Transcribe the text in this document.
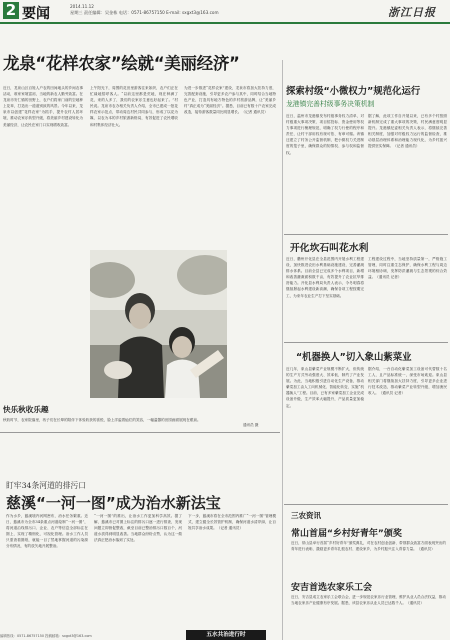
2 要闻	2014.11.12
星期三 责任编辑：吴金栋 电话：0571-86757150 E-mail: sxgxt3@163.com	浙江日报
龙泉“花样农家”绘就“美丽经济”
近日，龙泉山区百姓人户农的田间地头的乡间农事活动，谁家家境富裕，当地的新农人勤劳致富。在龙泉市安仁镇的田野上，农户们将家门前的空地种上花草，打造出一道道别致的风景。今年以来，龙泉市以创建“花样农家”为抓手，提升农村人居环境，推动农家乐转型升级，将美丽乡村建设转化为美丽经济，让农民在家门口实现增收致富。
上午阳光下，周围的花田里游客往来如织，农户们正在忙碌地招呼客人。“以前这里都是荒地，现在种满了花，来的人多了，我们的农家乐生意也好起来了。”村民说。龙泉市农办相关负责人介绍，全市已建成一批花样农家示范点，带动周边村民共同参与，形成了以花为媒、以农为本的乡村旅游新格局，有效促进了农民增收和村集体经济壮大。
为进一步推进“花样农家”建设，龙泉市将加大扶持力度，完善配套设施，引导更多农户参与其中，同时结合当地特色产业，打造具有地方特色的乡村旅游品牌，让“美丽乡村”真正成为“美丽经济”。据悉，目前已有数十户农家完成改造，接待游客数量同比明显增长。（记者 通讯员）
快乐秋收乐趣
秋收时节，农家院落里，孩子们在长辈的陪伴下体验收获的喜悦，脸上洋溢着灿烂的笑容，一幅温馨的田园画面展现在眼前。
通讯员 摄
探索村级“小微权力”规范化运行
龙港镇完善村级事务决策机制
近日，温州市龙港镇发布村级事务权力清单，对村级重大事项决策、项目招投标、资金使用等权力事项进行梳理规范，明确了权力行使的程序和责任，让村干部用权有规可依、有章可循。该镇还建立了村务公开监督机制，把小微权力关进制度的笼子里，确保群众的知情权、参与权和监督权。
据了解，此项工作自开展以来，已有多个村按照新机制完成了重大事项的决策，村民满意度明显提升。龙港镇纪委相关负责人表示，将继续完善相关制度，加强对村级权力运行的监督检查，推动基层治理体系和治理能力现代化，为乡村振兴提供坚实保障。（记者 通讯员）
开化坎石叫花水利
近日，衢州开化县在全县范围内开展水利工程建设，加快推进农田水利基础设施建设，完善灌溉排水体系。目前全县已完成多个水利项目，新增和改善灌溉面积数千亩，有效提升了农业抗旱排涝能力。开化县水利局负责人表示，今冬明春将继续掀起水利建设新高潮，确保各项工程按期完工，为来年农业生产打下坚实基础。
工程建设过程中，当地坚持质量第一，严格施工管理，同时注重生态保护，确保水利工程与周边环境相协调，发挥防洪灌溉与生态景观的综合效益。（通讯员 记者）
“机器换人”切入象山紫菜业
近几年，象山县紫菜产业规模不断扩大，但传统的生产方式劳动强度大、效率低，制约了产业发展。为此，当地积极引进自动化生产设备，推动紫菜加工由人工向机械化、智能化转变，实施“机器换人”工程。目前，已有多家紫菜加工企业完成设备升级，生产效率大幅提升，产品质量更加稳定。
据介绍，一台自动化紫菜加工设备可代替数十名工人，且产品标准统一，深受市场欢迎。象山县相关部门将继续加大扶持力度，引导更多企业进行技术改造，推动紫菜产业转型升级，增加渔民收入。（通讯员 记者）
三农资讯
常山首届“乡村好青年”颁奖
近日，常山县举行首届“乡村好青年”颁奖典礼，对在农村创业创新、带领群众致富方面表现突出的青年进行表彰，激励更多青年扎根农村、建设家乡，为乡村振兴注入青春力量。（通讯员）
安吉首选农家乐工会
近日，安吉县成立农家乐工会联合会，进一步规范农家乐行业管理，维护从业人员合法权益，推动当地农家乐产业健康有序发展。据悉，该县农家乐从业人员已达数千人。（通讯员）
盯牢34条河道的排污口
慈溪“一河一图”成为治水新法宝
作为水乡，慈溪境内河网密布，治水任务繁重。近日，慈溪市为全市34条重点河道绘制“一河一图”，将河道沿线排污口、企业、农户等信息全部标注在图上，实现了精细化、可视化管理。治水工作人员只需查看图纸，就能一目了然地掌握河道的污染源分布情况，有的放矢地开展整治。
“一河一图”的推出，让治水工作更加科学高效。据了解，慈溪市已对图上标注的排污口逐一进行排查，发现问题立即督促整改，截至目前已整治排污口数百个，河道水质得到明显改善。当地群众纷纷点赞，认为这一做法真正把治水落到了实处。
下一步，慈溪市将在全市范围内推广“一河一图”管理模式，建立健全长效管护机制，确保河道水清岸绿，让百姓共享治水成果。（记者 通讯员）
五水共治进行时
编辑热线：0571-86757150 投稿邮箱：sxgxt3@163.com
